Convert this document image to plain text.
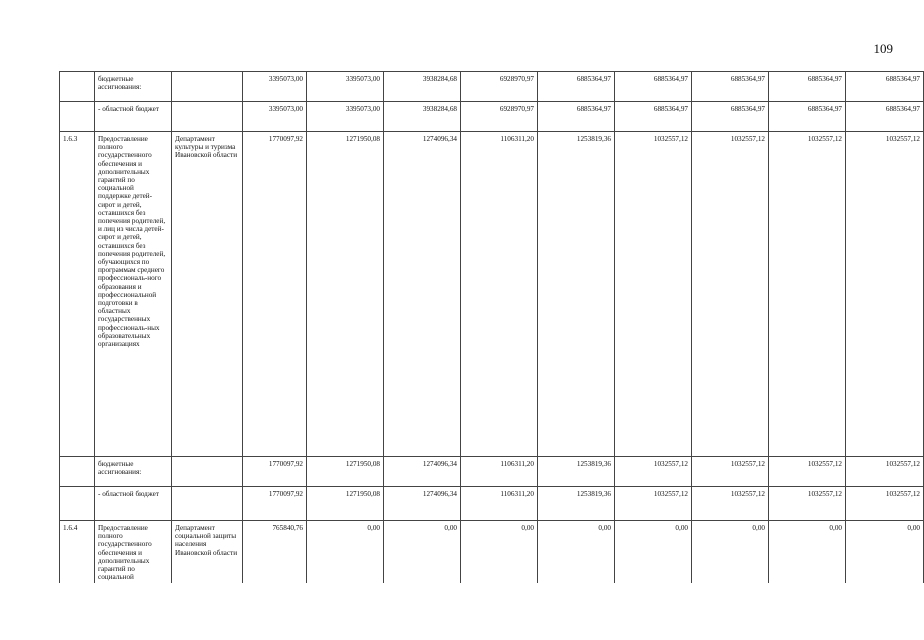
109
	бюджетные ассигнования:		3395073,00	3395073,00	3938284,68	6928970,97	6885364,97	6885364,97	6885364,97	6885364,97	6885364,97
	- областной бюджет		3395073,00	3395073,00	3938284,68	6928970,97	6885364,97	6885364,97	6885364,97	6885364,97	6885364,97
1.6.3	Предоставление полного государственного обеспечения и дополнительных гарантий по социальной поддержке детей-сирот и детей, оставшихся без попечения родителей, и лиц из числа детей-сирот и детей, оставшихся без попечения родителей, обучающихся по программам среднего профессиональ-ного образования и профессиональной подготовки в областных государственных профессиональ-ных образовательных организациях	Департамент культуры и туризма Ивановской области	1770097,92	1271950,08	1274096,34	1106311,20	1253819,36	1032557,12	1032557,12	1032557,12	1032557,12
	бюджетные ассигнования:		1770097,92	1271950,08	1274096,34	1106311,20	1253819,36	1032557,12	1032557,12	1032557,12	1032557,12
	- областной бюджет		1770097,92	1271950,08	1274096,34	1106311,20	1253819,36	1032557,12	1032557,12	1032557,12	1032557,12
1.6.4	Предоставление полного государственного обеспечения и дополнительных гарантий по социальной	Департамент социальной защиты населения Ивановской области	765840,76	0,00	0,00	0,00	0,00	0,00	0,00	0,00	0,00
